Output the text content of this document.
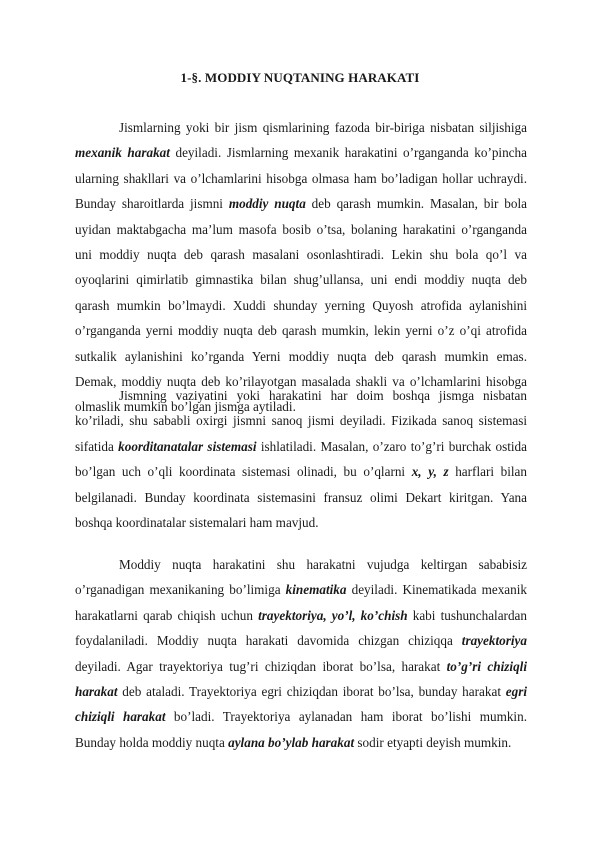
1-§. MODDIY NUQTANING HARAKATI

Jismlarning yoki bir jism qismlarining fazoda bir-biriga nisbatan siljishiga mexanik harakat deyiladi. Jismlarning mexanik harakatini o’rganganda ko’pincha ularning shakllari va o’lchamlarini hisobga olmasa ham bo’ladigan hollar uchraydi. Bunday sharoitlarda jismni moddiy nuqta deb qarash mumkin. Masalan, bir bola uyidan maktabgacha ma’lum masofa bosib o’tsa, bolaning harakatini o’rganganda uni moddiy nuqta deb qarash masalani osonlashtiradi. Lekin shu bola qo’l va oyoqlarini qimirlatib gimnastika bilan shug’ullansa, uni endi moddiy nuqta deb qarash mumkin bo’lmaydi. Xuddi shunday yerning Quyosh atrofida aylanishini o’rganganda yerni moddiy nuqta deb qarash mumkin, lekin yerni o’z o’qi atrofida sutkalik aylanishini ko’rganda Yerni moddiy nuqta deb qarash mumkin emas. Demak, moddiy nuqta deb ko’rilayotgan masalada shakli va o’lchamlarini hisobga olmaslik mumkin bo’lgan jismga aytiladi.

Jismning vaziyatini yoki harakatini har doim boshqa jismga nisbatan ko’riladi, shu sababli oxirgi jismni sanoq jismi deyiladi. Fizikada sanoq sistemasi sifatida koorditanatalar sistemasi ishlatiladi. Masalan, o’zaro to’g’ri burchak ostida bo’lgan uch o’qli koordinata sistemasi olinadi, bu o’qlarni x, y, z harflari bilan belgilanadi. Bunday koordinata sistemasini fransuz olimi Dekart kiritgan. Yana boshqa koordinatalar sistemalari ham mavjud.

Moddiy nuqta harakatini shu harakatni vujudga keltirgan sababisiz o’rganadigan mexanikaning bo’limiga kinematika deyiladi. Kinematikada mexanik harakatlarni qarab chiqish uchun trayektoriya, yo’l, ko’chish kabi tushunchalardan foydalaniladi. Moddiy nuqta harakati davomida chizgan chiziqqa trayektoriya deyiladi. Agar trayektoriya tug’ri chiziqdan iborat bo’lsa, harakat to’g’ri chiziqli harakat deb ataladi. Trayektoriya egri chiziqdan iborat bo’lsa, bunday harakat egri chiziqli harakat bo’ladi. Trayektoriya aylanadan ham iborat bo’lishi mumkin. Bunday holda moddiy nuqta aylana bo’ylab harakat sodir etyapti deyish mumkin.
